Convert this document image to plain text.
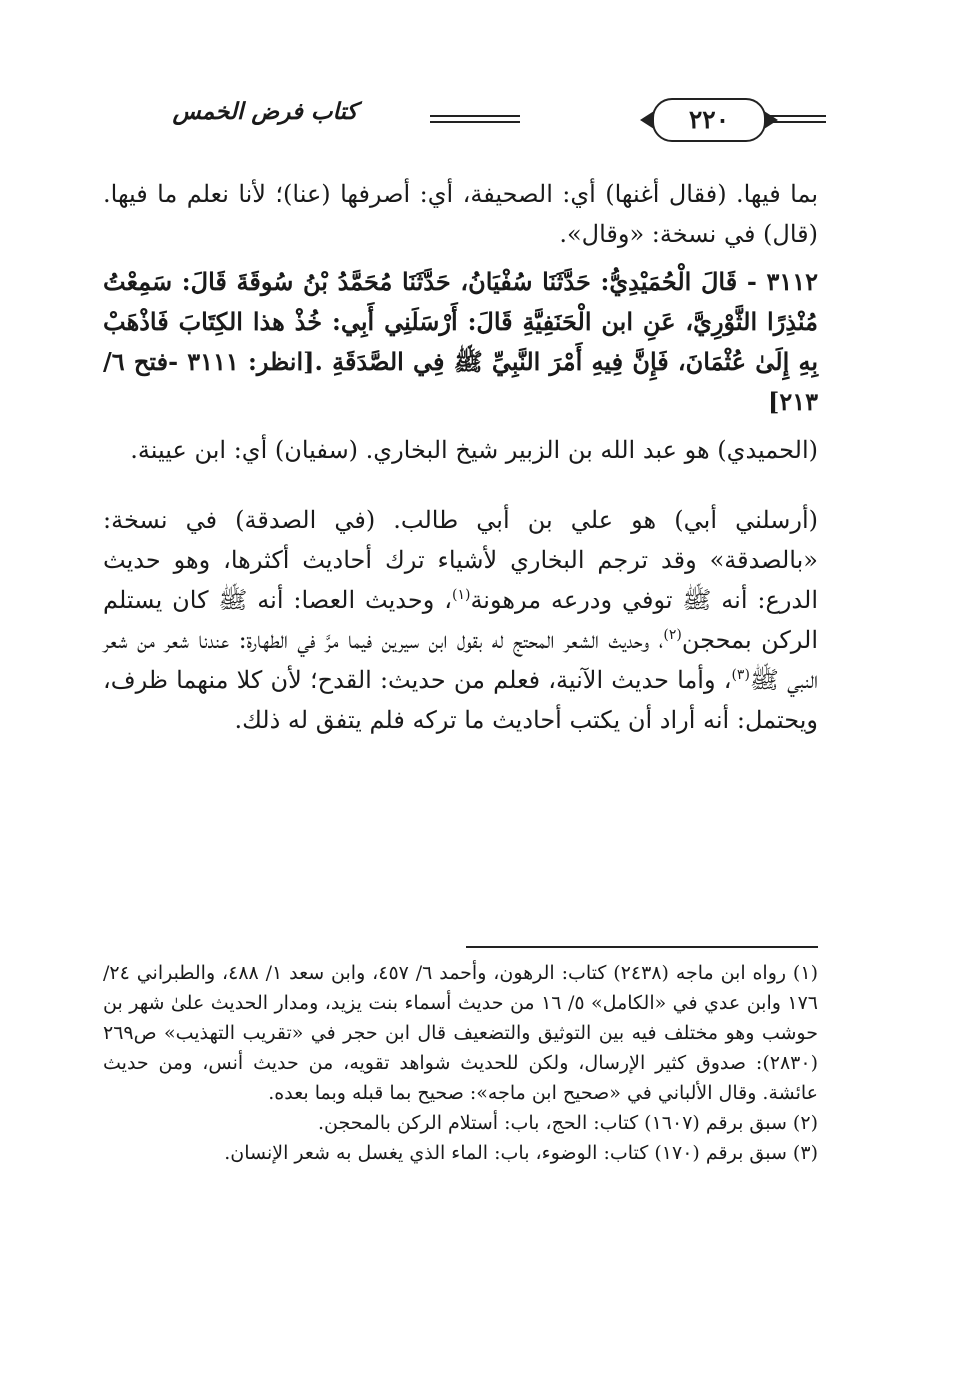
كتاب فرض الخمس	٢٢٠

بما فيها. (فقال أغنها) أي: الصحيفة، أي: أصرفها (عنا)؛ لأنا نعلم ما فيها. (قال) في نسخة: «وقال».

٣١١٢ - قَالَ الْحُمَيْدِيُّ: حَدَّثَنَا سُفْيَانُ، حَدَّثَنَا مُحَمَّدُ بْنُ سُوقَةَ قَالَ: سَمِعْتُ مُنْذِرًا الثَّوْرِيَّ، عَنِ ابن الْحَنَفِيَّةِ قَالَ: أَرْسَلَنِي أَبِي: خُذْ هذا الكِتَابَ فَاذْهَبْ بِهِ إِلَىٰ عُثْمَانَ، فَإِنَّ فِيهِ أَمْرَ النَّبِيِّ ﷺ فِي الصَّدَقَةِ .[انظر: ٣١١١ -فتح ٦/ ٢١٣]

(الحميدي) هو عبد الله بن الزبير شيخ البخاري. (سفيان) أي: ابن عيينة.

(أرسلني أبي) هو علي بن أبي طالب. (في الصدقة) في نسخة: «بالصدقة» وقد ترجم البخاري لأشياء ترك أحاديث أكثرها، وهو حديث الدرع: أنه ﷺ توفي ودرعه مرهونة$^{(١)}$، وحديث العصا: أنه ﷺ كان يستلم الركن بمحجن$^{(٢)}$، وحديث الشعر المحتج له بقول ابن سيرين فيما مرَّ في الطهارة: عندنا شعر من شعر النبي ﷺ$^{(٣)}$، وأما حديث الآنية، فعلم من حديث: القدح؛ لأن كلا منهما ظرف، ويحتمل: أنه أراد أن يكتب أحاديث ما تركه فلم يتفق له ذلك.

(١) رواه ابن ماجه (٢٤٣٨) كتاب: الرهون، وأحمد ٦/ ٤٥٧، وابن سعد ١/ ٤٨٨، والطبراني ٢٤/ ١٧٦ وابن عدي في «الكامل» ٥/ ١٦ من حديث أسماء بنت يزيد، ومدار الحديث علىٰ شهر بن حوشب وهو مختلف فيه بين التوثيق والتضعيف قال ابن حجر في «تقريب التهذيب» ص٢٦٩ (٢٨٣٠): صدوق كثير الإرسال، ولكن للحديث شواهد تقويه، من حديث أنس، ومن حديث عائشة. وقال الألباني في «صحيح ابن ماجه»: صحيح بما قبله وبما بعده.

(٢) سبق برقم (١٦٠٧) كتاب: الحج، باب: أستلام الركن بالمحجن.

(٣) سبق برقم (١٧٠) كتاب: الوضوء، باب: الماء الذي يغسل به شعر الإنسان.
